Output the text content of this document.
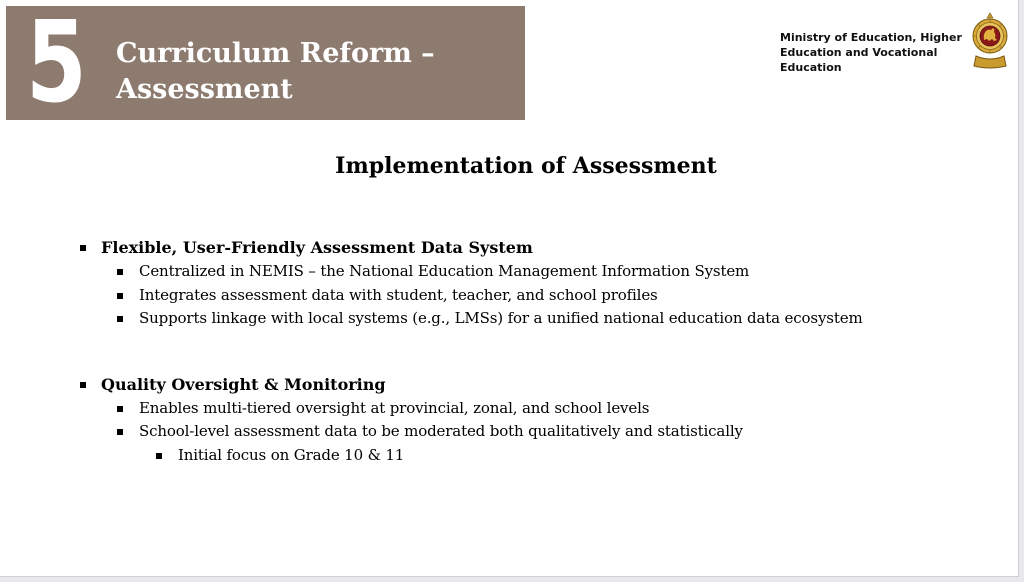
5 Curriculum Reform –
Assessment
Ministry of Education, Higher
Education and Vocational
Education
Implementation of Assessment
Flexible, User-Friendly Assessment Data System
Centralized in NEMIS – the National Education Management Information System
Integrates assessment data with student, teacher, and school profiles
Supports linkage with local systems (e.g., LMSs) for a unified national education data ecosystem
Quality Oversight & Monitoring
Enables multi-tiered oversight at provincial, zonal, and school levels
School-level assessment data to be moderated both qualitatively and statistically
Initial focus on Grade 10 & 11
